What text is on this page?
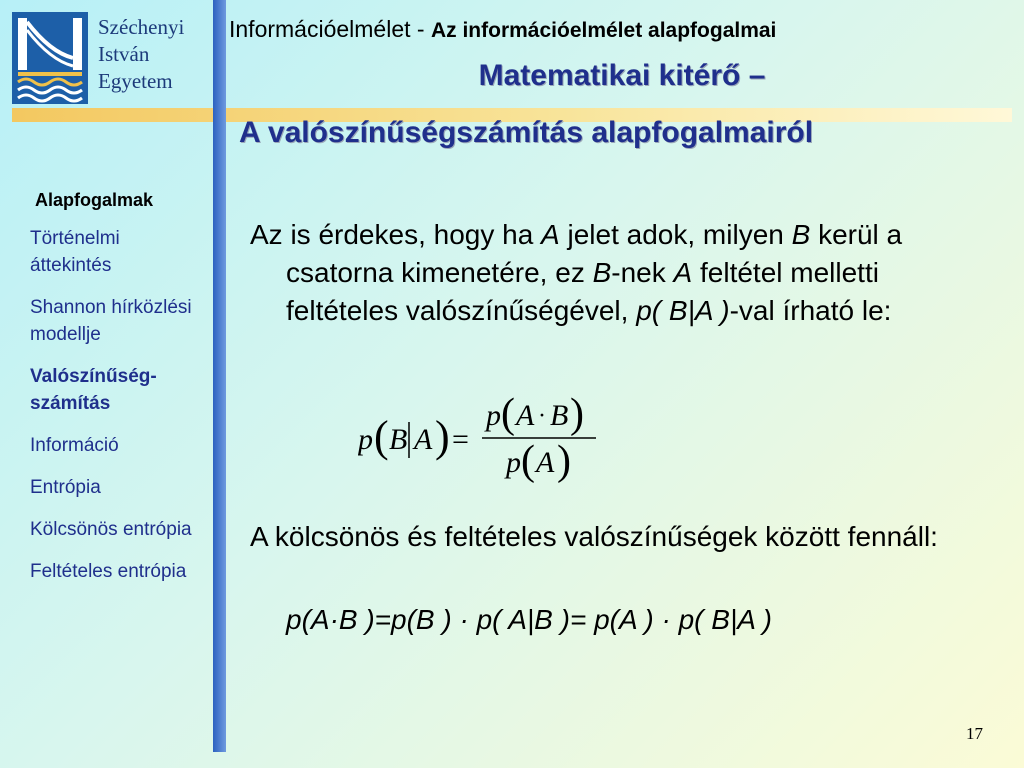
Széchenyi
István
Egyetem
Információelmélet - Az információelmélet alapfogalmai
Matematikai kitérő –
A valószínűségszámítás alapfogalmairól
Alapfogalmak
Történelmi áttekintés
Shannon hírközlési modellje
Valószínűség-számítás
Információ
Entrópia
Kölcsönös entrópia
Feltételes entrópia

Az is érdekes, hogy ha A jelet adok, milyen B kerül a csatorna kimenetére, ez B-nek A feltétel melletti feltételes valószínűségével, p( B|A )-val írható le:

p ( B A ) =
p ( A · B )
p ( A )

A kölcsönös és feltételes valószínűségek között fennáll:

p(A·B )=p(B ) · p( A|B )= p(A ) · p( B|A )
17
